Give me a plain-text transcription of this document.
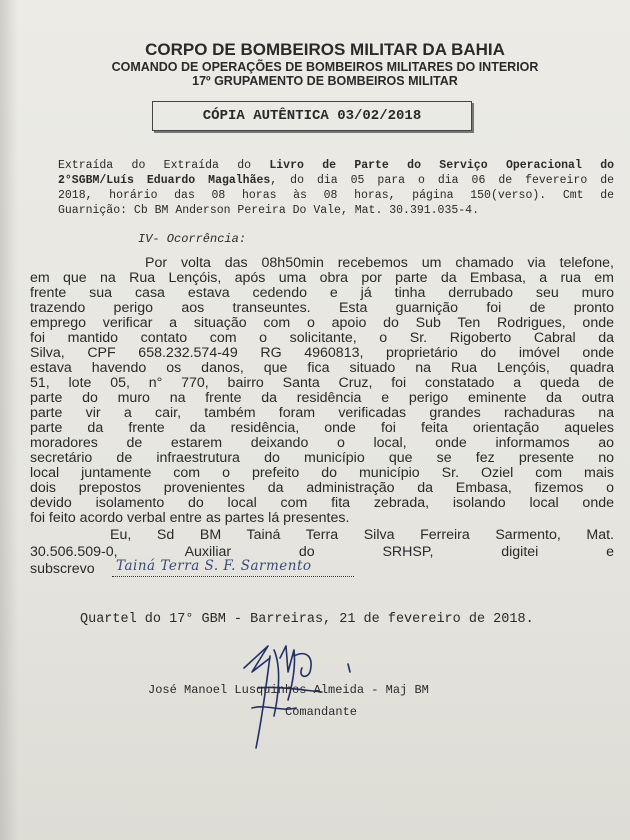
CORPO DE BOMBEIROS MILITAR DA BAHIA
COMANDO DE OPERAÇÕES DE BOMBEIROS MILITARES DO INTERIOR
17º GRUPAMENTO DE BOMBEIROS MILITAR
CÓPIA AUTÊNTICA 03/02/2018
Extraída do Extraída do Livro de Parte do Serviço Operacional do
2°SGBM/Luís Eduardo Magalhães, do dia 05 para o dia 06 de fevereiro de
2018, horário das 08 horas às 08 horas, página 150(verso). Cmt de
Guarnição: Cb BM Anderson Pereira Do Vale, Mat. 30.391.035-4.
IV- Ocorrência:
Por volta das 08h50min recebemos um chamado via telefone,
em que na Rua Lençóis, após uma obra por parte da Embasa, a rua em
frente sua casa estava cedendo e já tinha derrubado seu muro
trazendo perigo aos transeuntes. Esta guarnição foi de pronto
emprego verificar a situação com o apoio do Sub Ten Rodrigues, onde
foi mantido contato com o solicitante, o Sr. Rigoberto Cabral da
Silva, CPF 658.232.574-49 RG 4960813, proprietário do imóvel onde
estava havendo os danos, que fica situado na Rua Lençóis, quadra
51, lote 05, n° 770, bairro Santa Cruz, foi constatado a queda de
parte do muro na frente da residência e perigo eminente da outra
parte vir a cair, também foram verificadas grandes rachaduras na
parte da frente da residência, onde foi feita orientação aqueles
moradores de estarem deixando o local, onde informamos ao
secretário de infraestrutura do município que se fez presente no
local juntamente com o prefeito do município Sr. Oziel com mais
dois prepostos provenientes da administração da Embasa, fizemos o
devido isolamento do local com fita zebrada, isolando local onde
foi feito acordo verbal entre as partes lá presentes.
Eu, Sd BM Tainá Terra Silva Ferreira Sarmento, Mat.
30.506.509-0, Auxiliar do SRHSP, digitei e
subscrevo Tainá Terra S. F. Sarmento
Quartel do 17° GBM - Barreiras, 21 de fevereiro de 2018.
José Manoel Lusquinhos Almeida - Maj BM
Comandante
